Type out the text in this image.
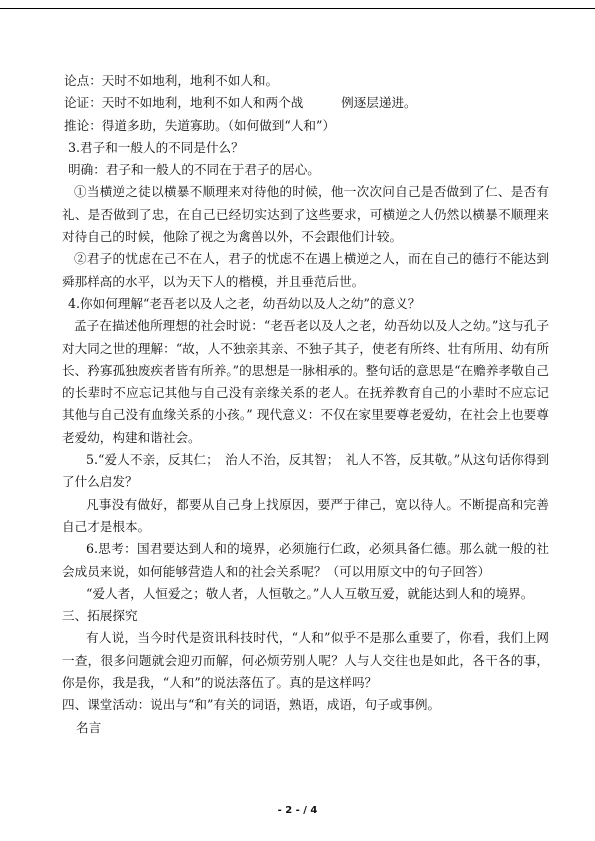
论点：天时不如地利，地利不如人和。

论证：天时不如地利，地利不如人和两个战　　　例逐层递进。

推论：得道多助，失道寡助。（如何做到“人和”）

3.君子和一般人的不同是什么？

明确：君子和一般人的不同在于君子的居心。

①当横逆之徒以横暴不顺理来对待他的时候，他一次次问自己是否做到了仁、是否有礼、是否做到了忠，在自己已经切实达到了这些要求，可横逆之人仍然以横暴不顺理来对待自己的时候，他除了视之为禽兽以外，不会跟他们计较。

②君子的忧虑在己不在人，君子的忧虑不在遇上横逆之人，而在自己的德行不能达到舜那样高的水平，以为天下人的楷模，并且垂范后世。

4.你如何理解“老吾老以及人之老，幼吾幼以及人之幼”的意义？

孟子在描述他所理想的社会时说：“老吾老以及人之老，幼吾幼以及人之幼。”这与孔子对大同之世的理解：“故，人不独亲其亲、不独子其子，使老有所终、壮有所用、幼有所长、矜寡孤独废疾者皆有所养。”的思想是一脉相承的。整句话的意思是“在赡养孝敬自己的长辈时不应忘记其他与自己没有亲缘关系的老人。在抚养教育自己的小辈时不应忘记其他与自己没有血缘关系的小孩。” 现代意义：不仅在家里要尊老爱幼，在社会上也要尊老爱幼，构建和谐社会。

5.“爱人不亲，反其仁；　治人不治，反其智；　礼人不答，反其敬。”从这句话你得到了什么启发？

凡事没有做好，都要从自己身上找原因，要严于律己，宽以待人。不断提高和完善自己才是根本。

6.思考：国君要达到人和的境界，必须施行仁政，必须具备仁德。那么就一般的社会成员来说，如何能够营造人和的社会关系呢？（可以用原文中的句子回答）

“爱人者，人恒爱之；敬人者，人恒敬之。”人人互敬互爱，就能达到人和的境界。

三、拓展探究

有人说，当今时代是资讯科技时代，“人和”似乎不是那么重要了，你看，我们上网一查，很多问题就会迎刃而解，何必烦劳别人呢？人与人交往也是如此，各干各的事，你是你，我是我，“人和”的说法落伍了。真的是这样吗？

四、课堂活动：说出与“和”有关的词语，熟语，成语，句子或事例。

名言

- 2 - / 4
